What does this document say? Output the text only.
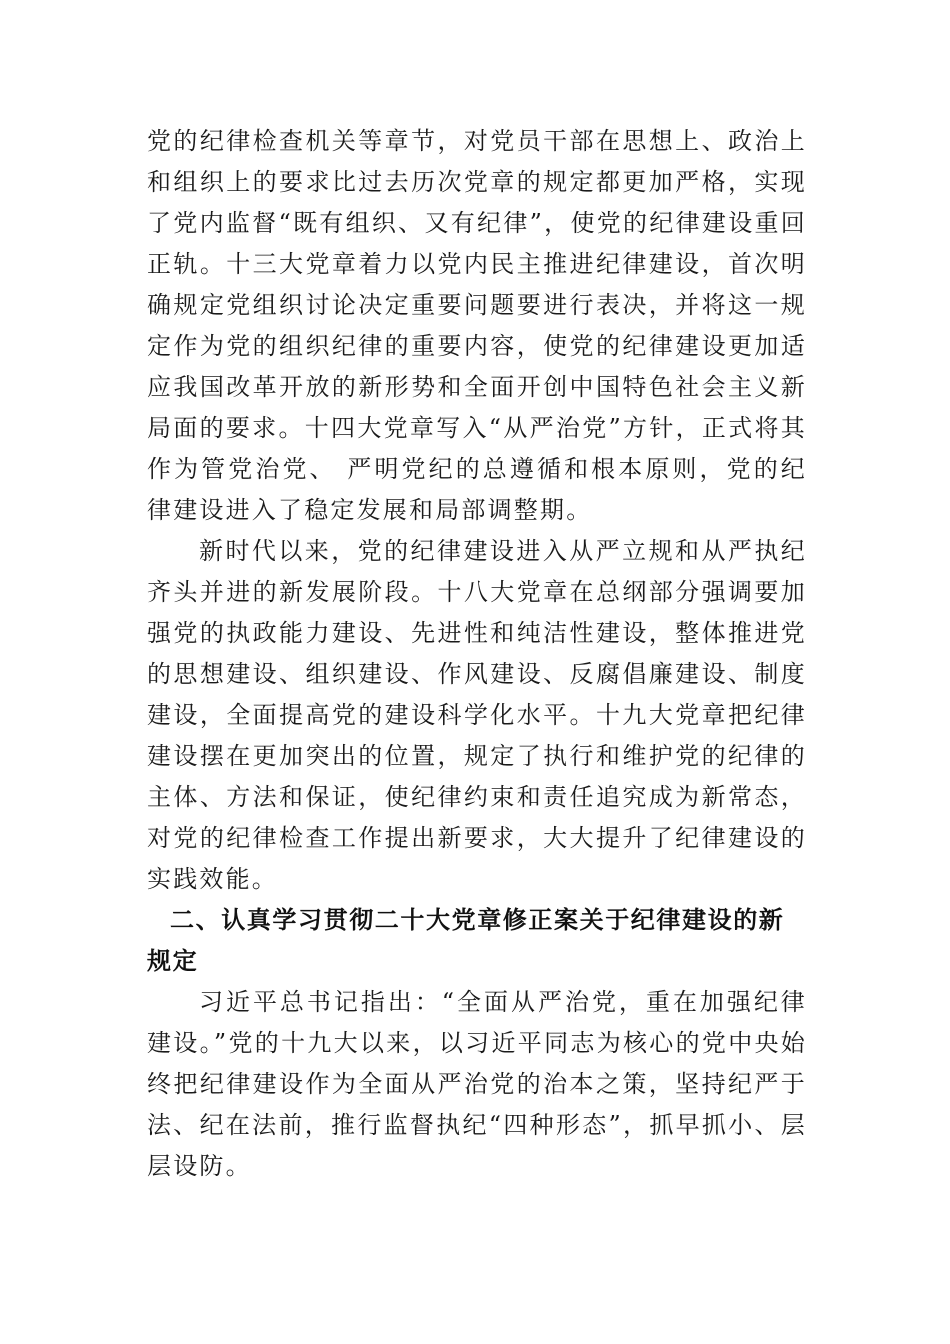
党的纪律检查机关等章节，对党员干部在思想上、政治上和组织上的要求比过去历次党章的规定都更加严格，实现了党内监督“既有组织、又有纪律”，使党的纪律建设重回正轨。十三大党章着力以党内民主推进纪律建设，首次明确规定党组织讨论决定重要问题要进行表决，并将这一规定作为党的组织纪律的重要内容，使党的纪律建设更加适应我国改革开放的新形势和全面开创中国特色社会主义新局面的要求。十四大党章写入“从严治党”方针，正式将其作为管党治党、 严明党纪的总遵循和根本原则，党的纪律建设进入了稳定发展和局部调整期。

新时代以来，党的纪律建设进入从严立规和从严执纪齐头并进的新发展阶段。十八大党章在总纲部分强调要加强党的执政能力建设、先进性和纯洁性建设，整体推进党的思想建设、组织建设、作风建设、反腐倡廉建设、制度建设，全面提高党的建设科学化水平。十九大党章把纪律建设摆在更加突出的位置，规定了执行和维护党的纪律的主体、方法和保证，使纪律约束和责任追究成为新常态，对党的纪律检查工作提出新要求，大大提升了纪律建设的实践效能。

二、认真学习贯彻二十大党章修正案关于纪律建设的新规定

习近平总书记指出：“全面从严治党，重在加强纪律建设。”党的十九大以来，以习近平同志为核心的党中央始终把纪律建设作为全面从严治党的治本之策，坚持纪严于法、纪在法前，推行监督执纪“四种形态”，抓早抓小、层层设防。
